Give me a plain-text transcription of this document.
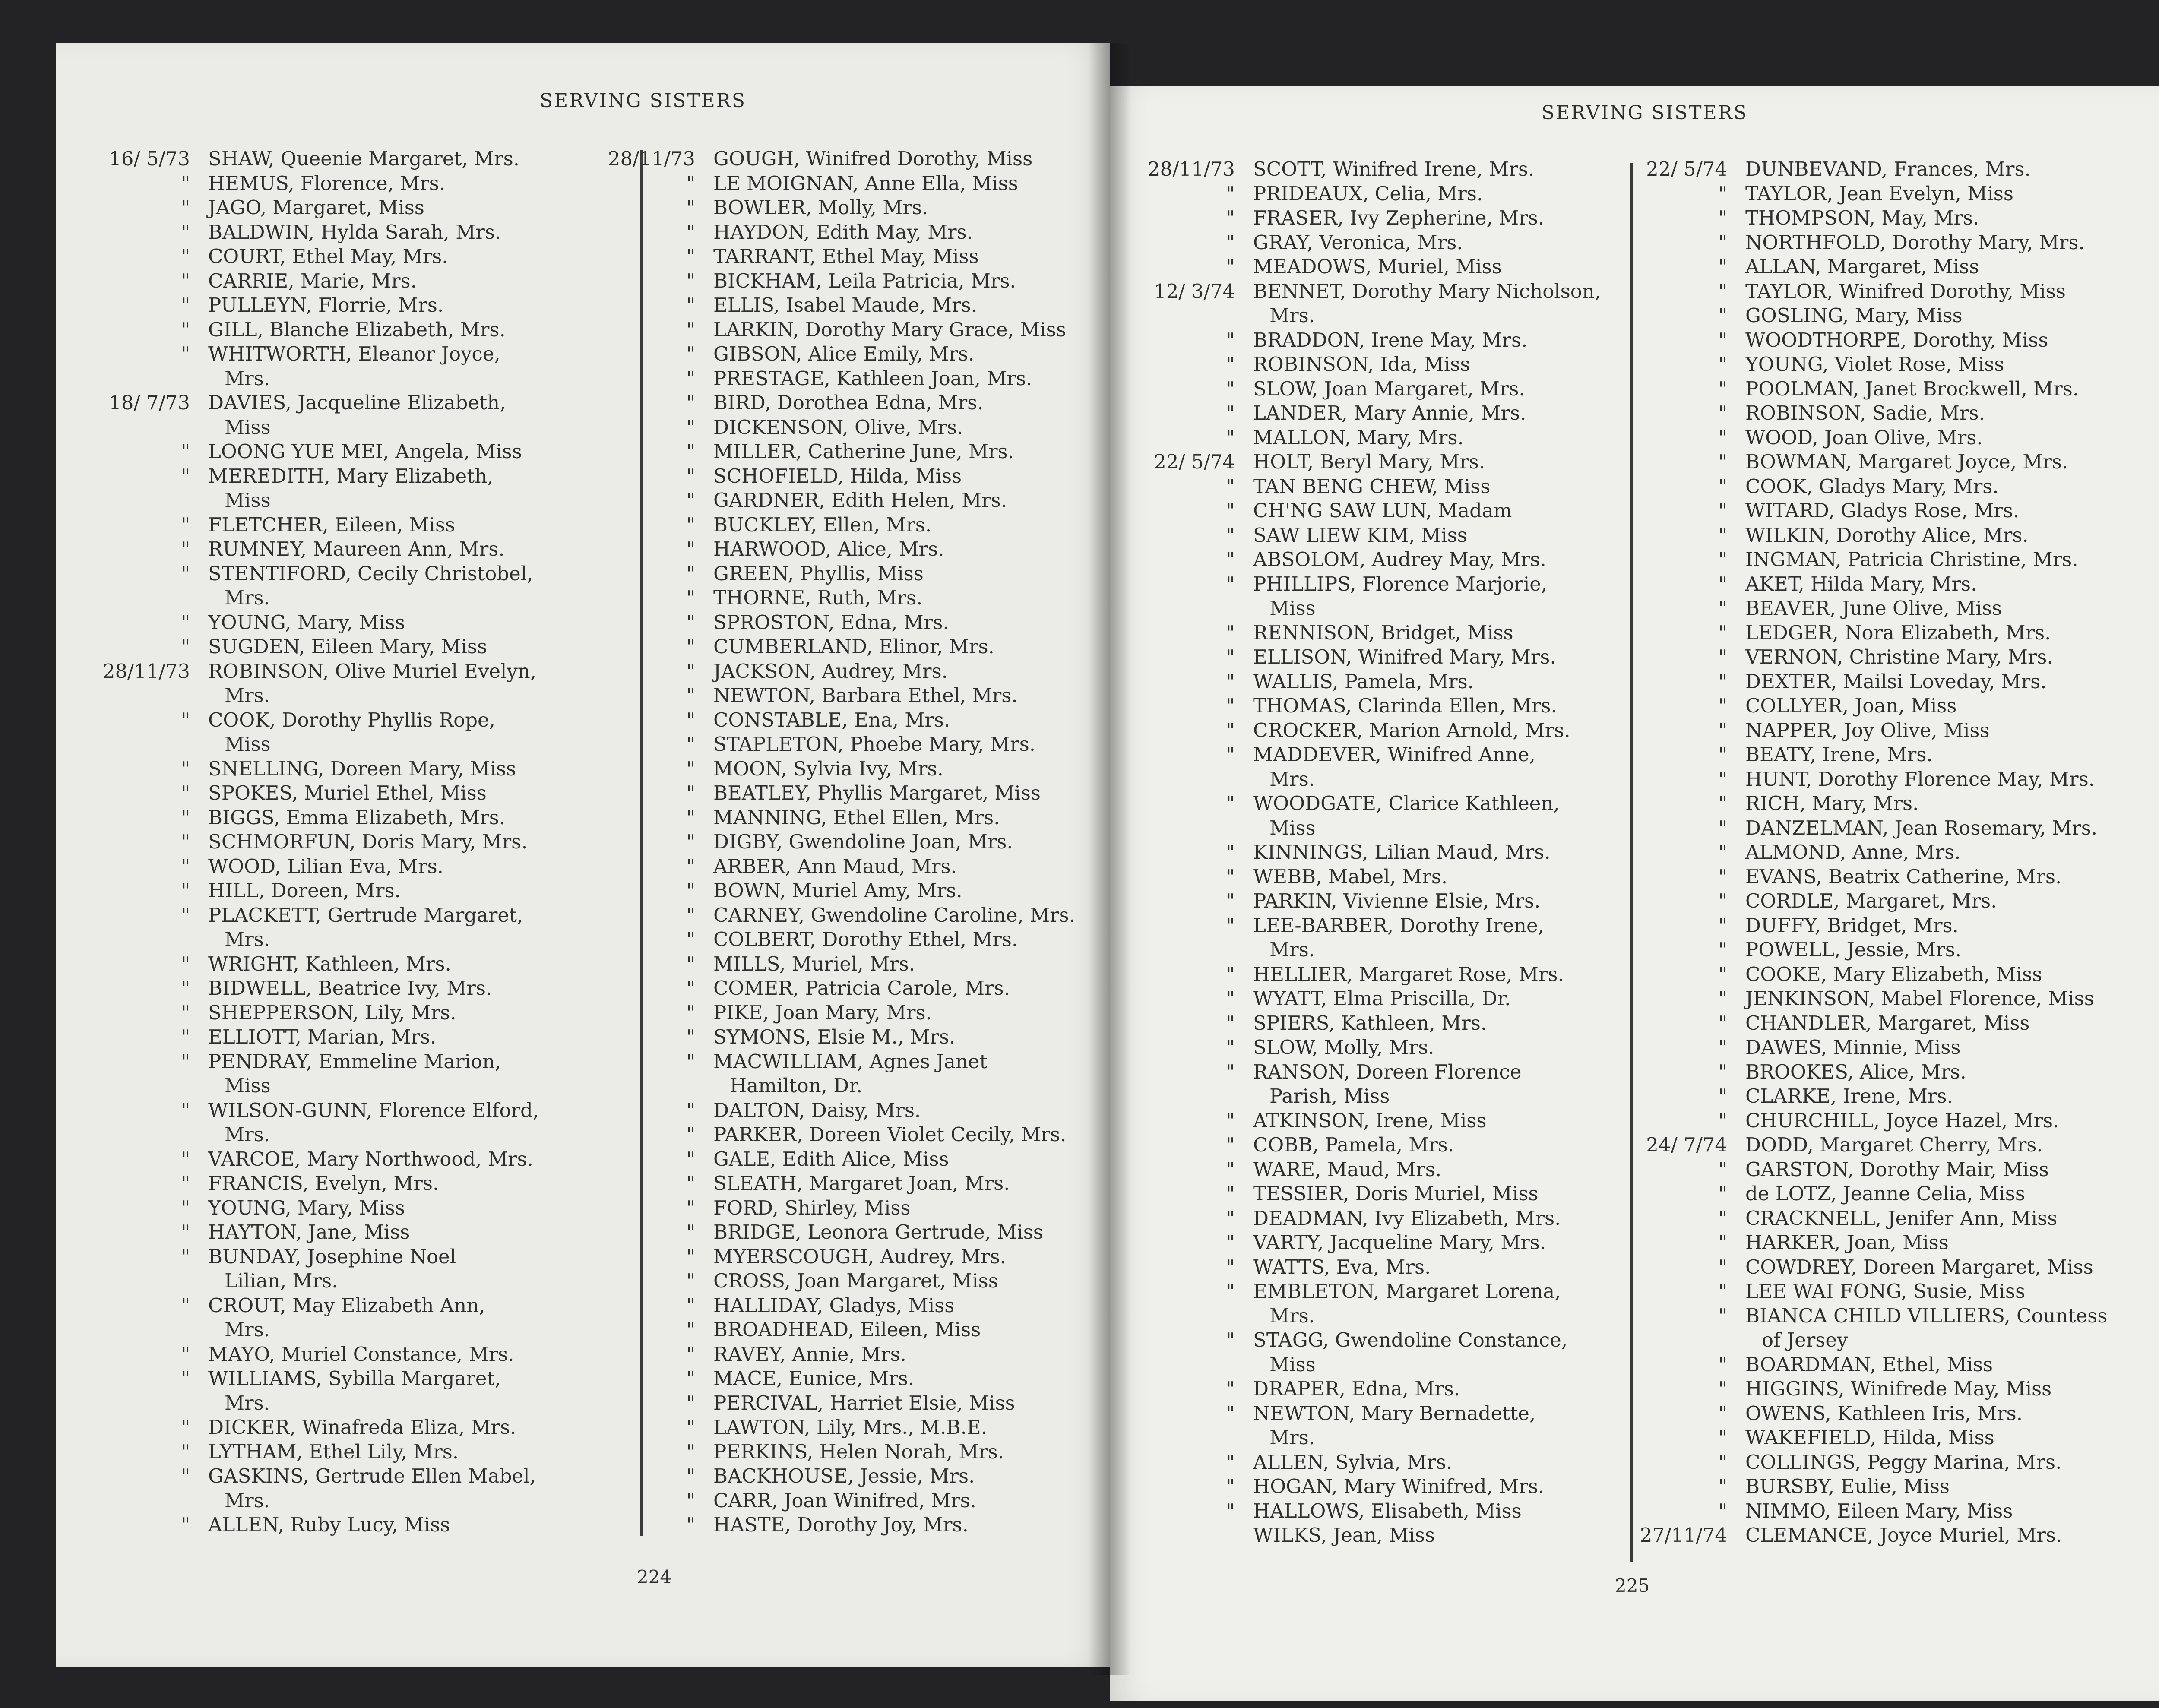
SERVING SISTERS
16/ 5/73 SHAW, Queenie Margaret, Mrs.
" HEMUS, Florence, Mrs.
" JAGO, Margaret, Miss
" BALDWIN, Hylda Sarah, Mrs.
" COURT, Ethel May, Mrs.
" CARRIE, Marie, Mrs.
" PULLEYN, Florrie, Mrs.
" GILL, Blanche Elizabeth, Mrs.
" WHITWORTH, Eleanor Joyce,
Mrs.
18/ 7/73 DAVIES, Jacqueline Elizabeth,
Miss
" LOONG YUE MEI, Angela, Miss
" MEREDITH, Mary Elizabeth,
Miss
" FLETCHER, Eileen, Miss
" RUMNEY, Maureen Ann, Mrs.
" STENTIFORD, Cecily Christobel,
Mrs.
" YOUNG, Mary, Miss
" SUGDEN, Eileen Mary, Miss
28/11/73 ROBINSON, Olive Muriel Evelyn,
Mrs.
" COOK, Dorothy Phyllis Rope,
Miss
" SNELLING, Doreen Mary, Miss
" SPOKES, Muriel Ethel, Miss
" BIGGS, Emma Elizabeth, Mrs.
" SCHMORFUN, Doris Mary, Mrs.
" WOOD, Lilian Eva, Mrs.
" HILL, Doreen, Mrs.
" PLACKETT, Gertrude Margaret,
Mrs.
" WRIGHT, Kathleen, Mrs.
" BIDWELL, Beatrice Ivy, Mrs.
" SHEPPERSON, Lily, Mrs.
" ELLIOTT, Marian, Mrs.
" PENDRAY, Emmeline Marion,
Miss
" WILSON-GUNN, Florence Elford,
Mrs.
" VARCOE, Mary Northwood, Mrs.
" FRANCIS, Evelyn, Mrs.
" YOUNG, Mary, Miss
" HAYTON, Jane, Miss
" BUNDAY, Josephine Noel
Lilian, Mrs.
" CROUT, May Elizabeth Ann,
Mrs.
" MAYO, Muriel Constance, Mrs.
" WILLIAMS, Sybilla Margaret,
Mrs.
" DICKER, Winafreda Eliza, Mrs.
" LYTHAM, Ethel Lily, Mrs.
" GASKINS, Gertrude Ellen Mabel,
Mrs.
" ALLEN, Ruby Lucy, Miss
28/11/73 GOUGH, Winifred Dorothy, Miss
" LE MOIGNAN, Anne Ella, Miss
" BOWLER, Molly, Mrs.
" HAYDON, Edith May, Mrs.
" TARRANT, Ethel May, Miss
" BICKHAM, Leila Patricia, Mrs.
" ELLIS, Isabel Maude, Mrs.
" LARKIN, Dorothy Mary Grace, Miss
" GIBSON, Alice Emily, Mrs.
" PRESTAGE, Kathleen Joan, Mrs.
" BIRD, Dorothea Edna, Mrs.
" DICKENSON, Olive, Mrs.
" MILLER, Catherine June, Mrs.
" SCHOFIELD, Hilda, Miss
" GARDNER, Edith Helen, Mrs.
" BUCKLEY, Ellen, Mrs.
" HARWOOD, Alice, Mrs.
" GREEN, Phyllis, Miss
" THORNE, Ruth, Mrs.
" SPROSTON, Edna, Mrs.
" CUMBERLAND, Elinor, Mrs.
" JACKSON, Audrey, Mrs.
" NEWTON, Barbara Ethel, Mrs.
" CONSTABLE, Ena, Mrs.
" STAPLETON, Phoebe Mary, Mrs.
" MOON, Sylvia Ivy, Mrs.
" BEATLEY, Phyllis Margaret, Miss
" MANNING, Ethel Ellen, Mrs.
" DIGBY, Gwendoline Joan, Mrs.
" ARBER, Ann Maud, Mrs.
" BOWN, Muriel Amy, Mrs.
" CARNEY, Gwendoline Caroline, Mrs.
" COLBERT, Dorothy Ethel, Mrs.
" MILLS, Muriel, Mrs.
" COMER, Patricia Carole, Mrs.
" PIKE, Joan Mary, Mrs.
" SYMONS, Elsie M., Mrs.
" MACWILLIAM, Agnes Janet
Hamilton, Dr.
" DALTON, Daisy, Mrs.
" PARKER, Doreen Violet Cecily, Mrs.
" GALE, Edith Alice, Miss
" SLEATH, Margaret Joan, Mrs.
" FORD, Shirley, Miss
" BRIDGE, Leonora Gertrude, Miss
" MYERSCOUGH, Audrey, Mrs.
" CROSS, Joan Margaret, Miss
" HALLIDAY, Gladys, Miss
" BROADHEAD, Eileen, Miss
" RAVEY, Annie, Mrs.
" MACE, Eunice, Mrs.
" PERCIVAL, Harriet Elsie, Miss
" LAWTON, Lily, Mrs., M.B.E.
" PERKINS, Helen Norah, Mrs.
" BACKHOUSE, Jessie, Mrs.
" CARR, Joan Winifred, Mrs.
" HASTE, Dorothy Joy, Mrs.
224
SERVING SISTERS
28/11/73 SCOTT, Winifred Irene, Mrs.
" PRIDEAUX, Celia, Mrs.
" FRASER, Ivy Zepherine, Mrs.
" GRAY, Veronica, Mrs.
" MEADOWS, Muriel, Miss
12/ 3/74 BENNET, Dorothy Mary Nicholson,
Mrs.
" BRADDON, Irene May, Mrs.
" ROBINSON, Ida, Miss
" SLOW, Joan Margaret, Mrs.
" LANDER, Mary Annie, Mrs.
" MALLON, Mary, Mrs.
22/ 5/74 HOLT, Beryl Mary, Mrs.
" TAN BENG CHEW, Miss
" CH'NG SAW LUN, Madam
" SAW LIEW KIM, Miss
" ABSOLOM, Audrey May, Mrs.
" PHILLIPS, Florence Marjorie,
Miss
" RENNISON, Bridget, Miss
" ELLISON, Winifred Mary, Mrs.
" WALLIS, Pamela, Mrs.
" THOMAS, Clarinda Ellen, Mrs.
" CROCKER, Marion Arnold, Mrs.
" MADDEVER, Winifred Anne,
Mrs.
" WOODGATE, Clarice Kathleen,
Miss
" KINNINGS, Lilian Maud, Mrs.
" WEBB, Mabel, Mrs.
" PARKIN, Vivienne Elsie, Mrs.
" LEE-BARBER, Dorothy Irene,
Mrs.
" HELLIER, Margaret Rose, Mrs.
" WYATT, Elma Priscilla, Dr.
" SPIERS, Kathleen, Mrs.
" SLOW, Molly, Mrs.
" RANSON, Doreen Florence
Parish, Miss
" ATKINSON, Irene, Miss
" COBB, Pamela, Mrs.
" WARE, Maud, Mrs.
" TESSIER, Doris Muriel, Miss
" DEADMAN, Ivy Elizabeth, Mrs.
" VARTY, Jacqueline Mary, Mrs.
" WATTS, Eva, Mrs.
" EMBLETON, Margaret Lorena,
Mrs.
" STAGG, Gwendoline Constance,
Miss
" DRAPER, Edna, Mrs.
" NEWTON, Mary Bernadette,
Mrs.
" ALLEN, Sylvia, Mrs.
" HOGAN, Mary Winifred, Mrs.
" HALLOWS, Elisabeth, Miss
WILKS, Jean, Miss
22/ 5/74 DUNBEVAND, Frances, Mrs.
" TAYLOR, Jean Evelyn, Miss
" THOMPSON, May, Mrs.
" NORTHFOLD, Dorothy Mary, Mrs.
" ALLAN, Margaret, Miss
" TAYLOR, Winifred Dorothy, Miss
" GOSLING, Mary, Miss
" WOODTHORPE, Dorothy, Miss
" YOUNG, Violet Rose, Miss
" POOLMAN, Janet Brockwell, Mrs.
" ROBINSON, Sadie, Mrs.
" WOOD, Joan Olive, Mrs.
" BOWMAN, Margaret Joyce, Mrs.
" COOK, Gladys Mary, Mrs.
" WITARD, Gladys Rose, Mrs.
" WILKIN, Dorothy Alice, Mrs.
" INGMAN, Patricia Christine, Mrs.
" AKET, Hilda Mary, Mrs.
" BEAVER, June Olive, Miss
" LEDGER, Nora Elizabeth, Mrs.
" VERNON, Christine Mary, Mrs.
" DEXTER, Mailsi Loveday, Mrs.
" COLLYER, Joan, Miss
" NAPPER, Joy Olive, Miss
" BEATY, Irene, Mrs.
" HUNT, Dorothy Florence May, Mrs.
" RICH, Mary, Mrs.
" DANZELMAN, Jean Rosemary, Mrs.
" ALMOND, Anne, Mrs.
" EVANS, Beatrix Catherine, Mrs.
" CORDLE, Margaret, Mrs.
" DUFFY, Bridget, Mrs.
" POWELL, Jessie, Mrs.
" COOKE, Mary Elizabeth, Miss
" JENKINSON, Mabel Florence, Miss
" CHANDLER, Margaret, Miss
" DAWES, Minnie, Miss
" BROOKES, Alice, Mrs.
" CLARKE, Irene, Mrs.
" CHURCHILL, Joyce Hazel, Mrs.
24/ 7/74 DODD, Margaret Cherry, Mrs.
" GARSTON, Dorothy Mair, Miss
" de LOTZ, Jeanne Celia, Miss
" CRACKNELL, Jenifer Ann, Miss
" HARKER, Joan, Miss
" COWDREY, Doreen Margaret, Miss
" LEE WAI FONG, Susie, Miss
" BIANCA CHILD VILLIERS, Countess
of Jersey
" BOARDMAN, Ethel, Miss
" HIGGINS, Winifrede May, Miss
" OWENS, Kathleen Iris, Mrs.
" WAKEFIELD, Hilda, Miss
" COLLINGS, Peggy Marina, Mrs.
" BURSBY, Eulie, Miss
" NIMMO, Eileen Mary, Miss
27/11/74 CLEMANCE, Joyce Muriel, Mrs.
225
